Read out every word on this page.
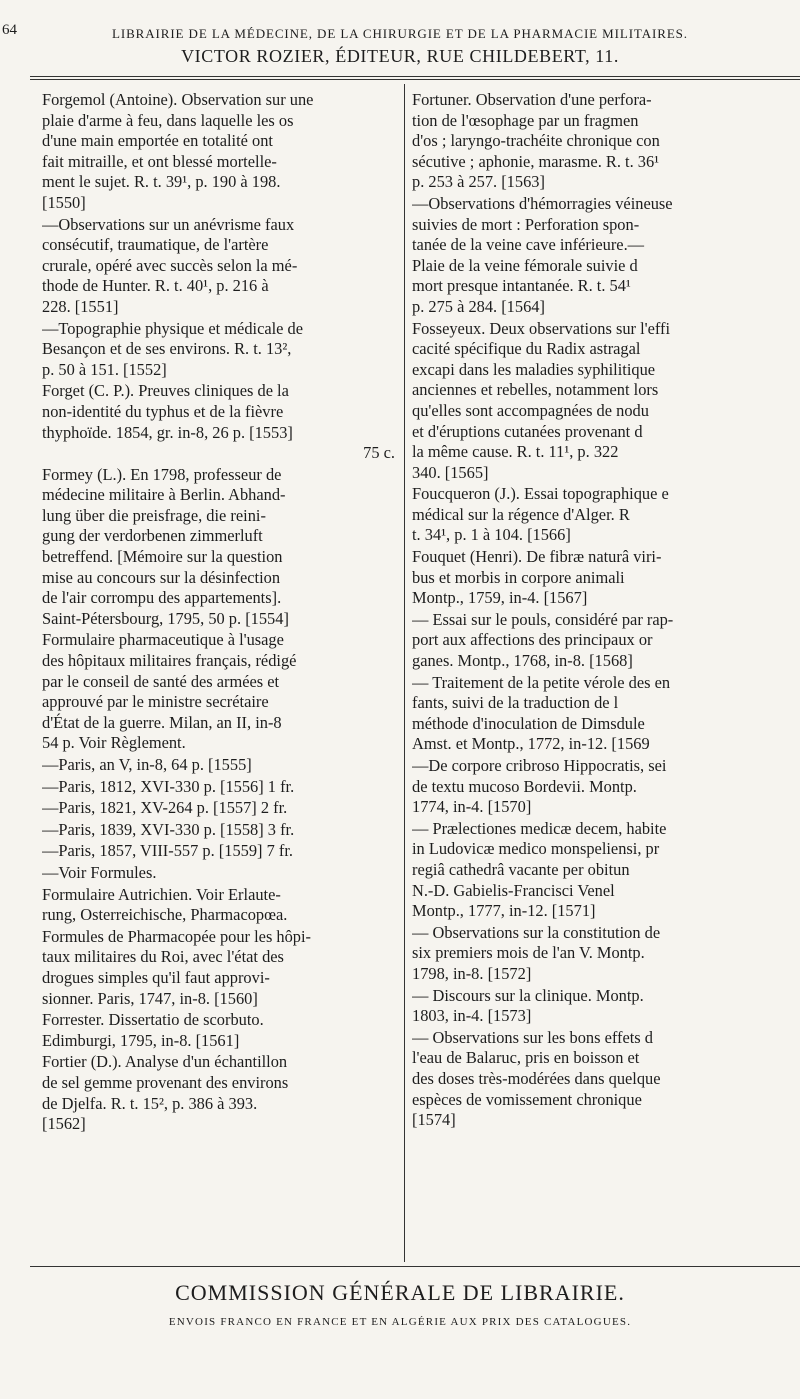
64	LIBRAIRIE DE LA MÉDECINE, DE LA CHIRURGIE ET DE LA PHARMACIE MILITAIRES.
VICTOR ROZIER, ÉDITEUR, RUE CHILDEBERT, 11.
Forgemol (Antoine). Observation sur une
plaie d'arme à feu, dans laquelle les os
d'une main emportée en totalité ont
fait mitraille, et ont blessé mortelle-
ment le sujet. R. t. 39¹, p. 190 à 198.
[1550]
—Observations sur un anévrisme faux
consécutif, traumatique, de l'artère
crurale, opéré avec succès selon la mé-
thode de Hunter. R. t. 40¹, p. 216 à
228. [1551]
—Topographie physique et médicale de
Besançon et de ses environs. R. t. 13²,
p. 50 à 151. [1552]
Forget (C. P.). Preuves cliniques de la
non-identité du typhus et de la fièvre
thyphoïde. 1854, gr. in-8, 26 p. [1553]
75 c.
Formey (L.). En 1798, professeur de
médecine militaire à Berlin. Abhand-
lung über die preisfrage, die reini-
gung der verdorbenen zimmerluft
betreffend. [Mémoire sur la question
mise au concours sur la désinfection
de l'air corrompu des appartements].
Saint-Pétersbourg, 1795, 50 p. [1554]
Formulaire pharmaceutique à l'usage
des hôpitaux militaires français, rédigé
par le conseil de santé des armées et
approuvé par le ministre secrétaire
d'État de la guerre. Milan, an II, in-8
54 p. Voir Règlement.
—Paris, an V, in-8, 64 p. [1555]
—Paris, 1812, XVI-330 p. [1556] 1 fr.
—Paris, 1821, XV-264 p. [1557] 2 fr.
—Paris, 1839, XVI-330 p. [1558] 3 fr.
—Paris, 1857, VIII-557 p. [1559] 7 fr.
—Voir Formules.
Formulaire Autrichien. Voir Erlaute-
rung, Osterreichische, Pharmacopœa.
Formules de Pharmacopée pour les hôpi-
taux militaires du Roi, avec l'état des
drogues simples qu'il faut approvi-
sionner. Paris, 1747, in-8. [1560]
Forrester. Dissertatio de scorbuto.
Edimburgi, 1795, in-8. [1561]
Fortier (D.). Analyse d'un échantillon
de sel gemme provenant des environs
de Djelfa. R. t. 15², p. 386 à 393.
[1562]
Fortuner. Observation d'une perfora-
tion de l'œsophage par un fragmen
d'os ; laryngo-trachéite chronique con
sécutive ; aphonie, marasme. R. t. 36¹
p. 253 à 257. [1563]
—Observations d'hémorragies véineuse
suivies de mort : Perforation spon-
tanée de la veine cave inférieure.—
Plaie de la veine fémorale suivie d
mort presque intantanée. R. t. 54¹
p. 275 à 284. [1564]
Fosseyeux. Deux observations sur l'effi
cacité spécifique du Radix astragal
excapi dans les maladies syphilitique
anciennes et rebelles, notamment lors
qu'elles sont accompagnées de nodu
et d'éruptions cutanées provenant d
la même cause. R. t. 11¹, p. 322
340. [1565]
Foucqueron (J.). Essai topographique e
médical sur la régence d'Alger. R
t. 34¹, p. 1 à 104. [1566]
Fouquet (Henri). De fibræ naturâ viri-
bus et morbis in corpore animali
Montp., 1759, in-4. [1567]
— Essai sur le pouls, considéré par rap-
port aux affections des principaux or
ganes. Montp., 1768, in-8. [1568]
— Traitement de la petite vérole des en
fants, suivi de la traduction de l
méthode d'inoculation de Dimsdule
Amst. et Montp., 1772, in-12. [1569
—De corpore cribroso Hippocratis, sei
de textu mucoso Bordevii. Montp.
1774, in-4. [1570]
— Prælectiones medicæ decem, habite
in Ludovicæ medico monspeliensi, pr
regiâ cathedrâ vacante per obitun
N.-D. Gabielis-Francisci Venel
Montp., 1777, in-12. [1571]
— Observations sur la constitution de
six premiers mois de l'an V. Montp.
1798, in-8. [1572]
— Discours sur la clinique. Montp.
1803, in-4. [1573]
— Observations sur les bons effets d
l'eau de Balaruc, pris en boisson et
des doses très-modérées dans quelque
espèces de vomissement chronique
[1574]
COMMISSION GÉNÉRALE DE LIBRAIRIE.
ENVOIS FRANCO EN FRANCE ET EN ALGÉRIE AUX PRIX DES CATALOGUES.
